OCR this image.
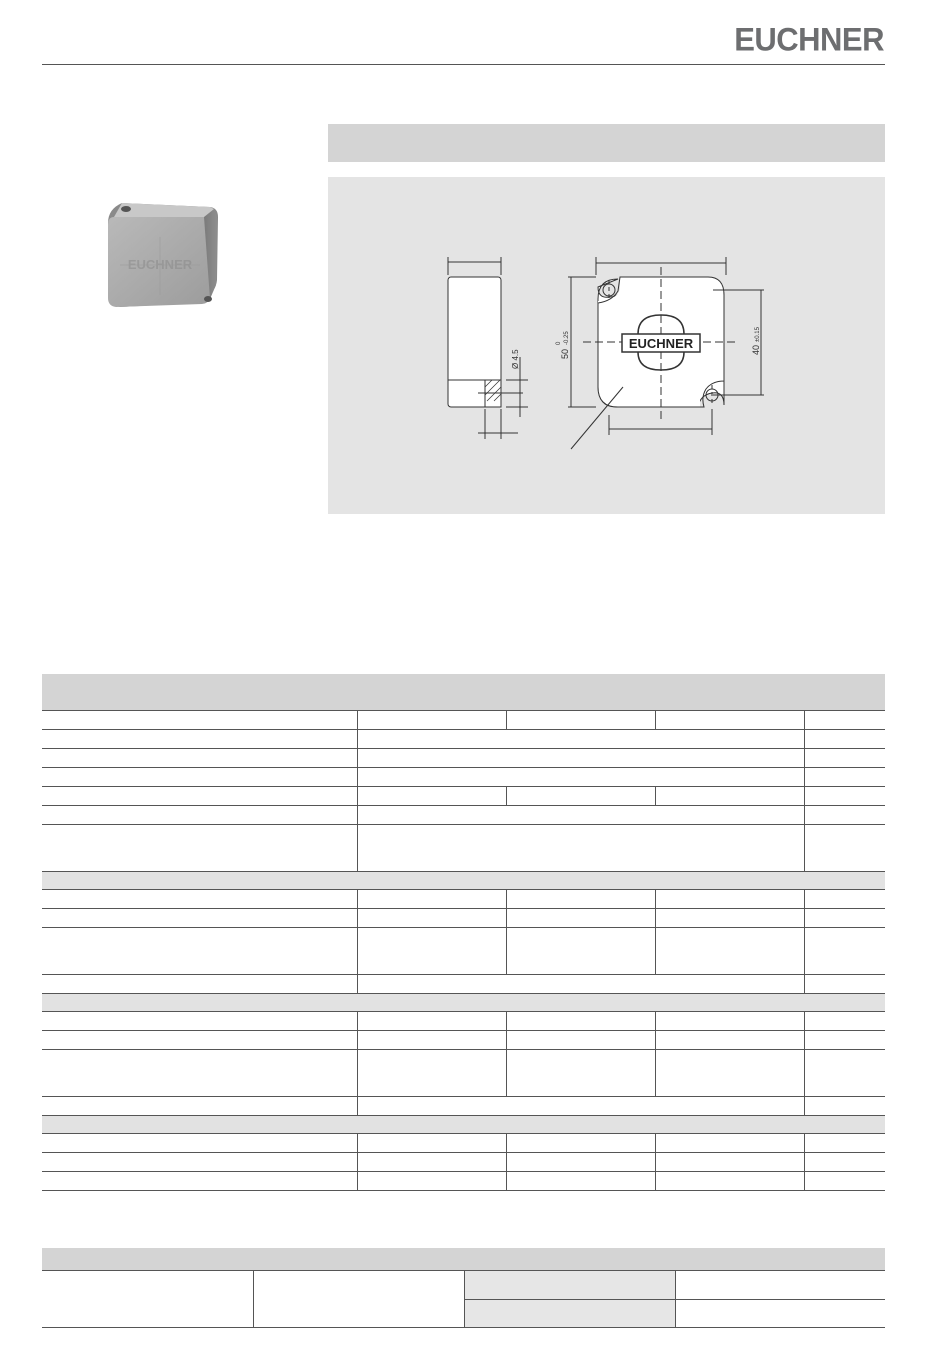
EUCHNER
EUCHNER
Ø 4.5
EUCHNER
50
0 -0.25
40
±0.15
